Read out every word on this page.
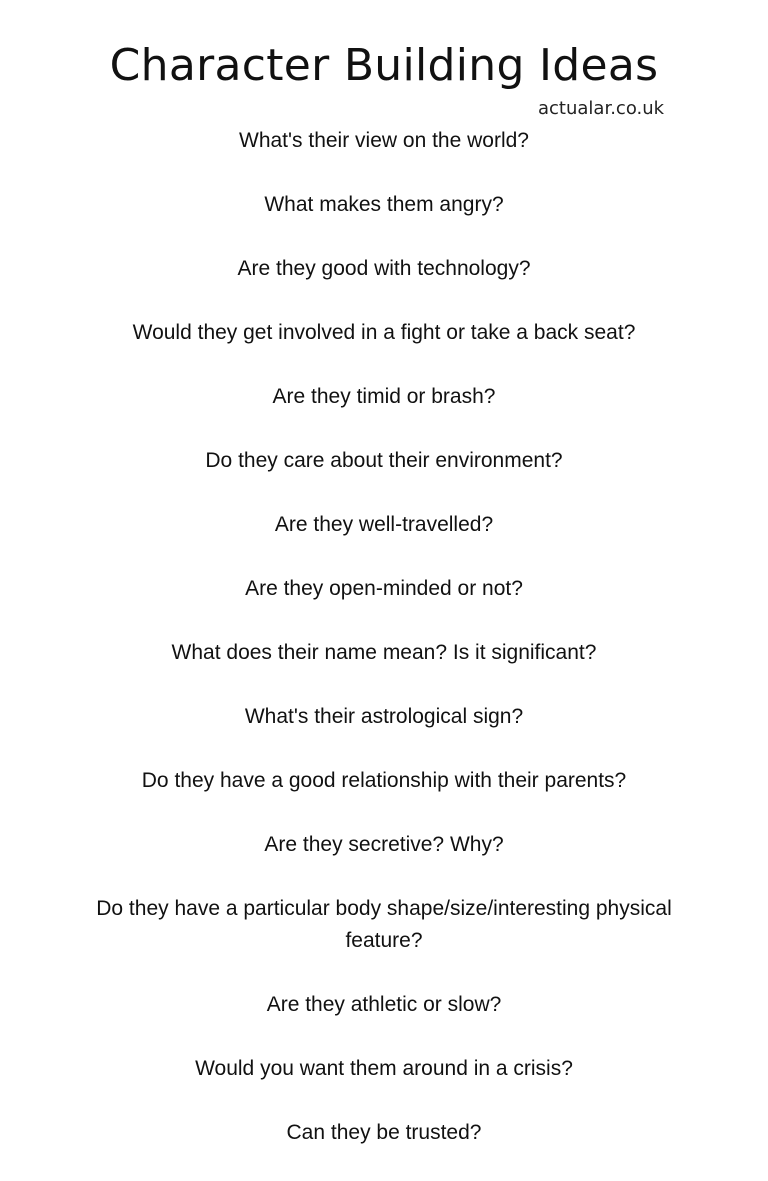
Character Building Ideas
actualar.co.uk
What's their view on the world?
What makes them angry?
Are they good with technology?
Would they get involved in a fight or take a back seat?
Are they timid or brash?
Do they care about their environment?
Are they well-travelled?
Are they open-minded or not?
What does their name mean? Is it significant?
What's their astrological sign?
Do they have a good relationship with their parents?
Are they secretive? Why?
Do they have a particular body shape/size/interesting physical feature?
Are they athletic or slow?
Would you want them around in a crisis?
Can they be trusted?
